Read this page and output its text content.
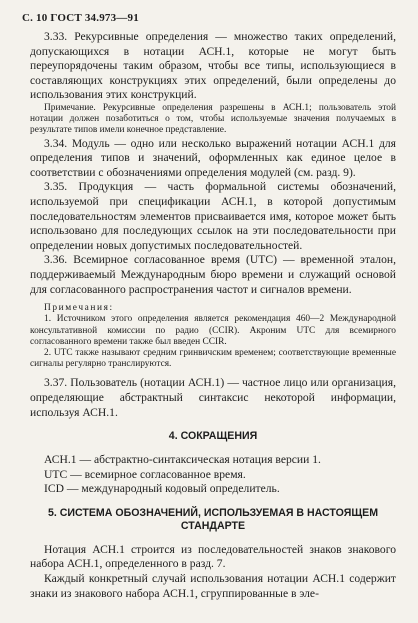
С. 10 ГОСТ 34.973—91

3.33. Рекурсивные определения — множество таких определений, допускающихся в нотации АСН.1, которые не могут быть переупорядочены таким образом, чтобы все типы, использующиеся в составляющих конструкциях этих определений, были определены до использования этих конструкций.

Примечание. Рекурсивные определения разрешены в АСН.1; пользователь этой нотации должен позаботиться о том, чтобы используемые значения получаемых в результате типов имели конечное представление.

3.34. Модуль — одно или несколько выражений нотации АСН.1 для определения типов и значений, оформленных как единое целое в соответствии с обозначениями определения модулей (см. разд. 9).

3.35. Продукция — часть формальной системы обозначений, используемой при спецификации АСН.1, в которой допустимым последовательностям элементов присваивается имя, которое может быть использовано для последующих ссылок на эти последовательности при определении новых допустимых последовательностей.

3.36. Всемирное согласованное время (UTC) — временной эталон, поддерживаемый Международным бюро времени и служащий основой для согласованного распространения частот и сигналов времени.

Примечания:

1. Источником этого определения является рекомендация 460—2 Международной консультативной комиссии по радио (CCIR). Акроним UTC для всемирного согласованного времени также был введен CCIR.

2. UTC также называют средним гринвичским временем; соответствующие временные сигналы регулярно транслируются.

3.37. Пользователь (нотации АСН.1) — частное лицо или организация, определяющие абстрактный синтаксис некоторой информации, используя АСН.1.

4. СОКРАЩЕНИЯ

АСН.1 — абстрактно-синтаксическая нотация версии 1.

UTC — всемирное согласованное время.

ICD — международный кодовый определитель.

5. СИСТЕМА ОБОЗНАЧЕНИЙ, ИСПОЛЬЗУЕМАЯ В НАСТОЯЩЕМ
СТАНДАРТЕ

Нотация АСН.1 строится из последовательностей знаков знакового набора АСН.1, определенного в разд. 7.

Каждый конкретный случай использования нотации АСН.1 содержит знаки из знакового набора АСН.1, сгруппированные в эле-
